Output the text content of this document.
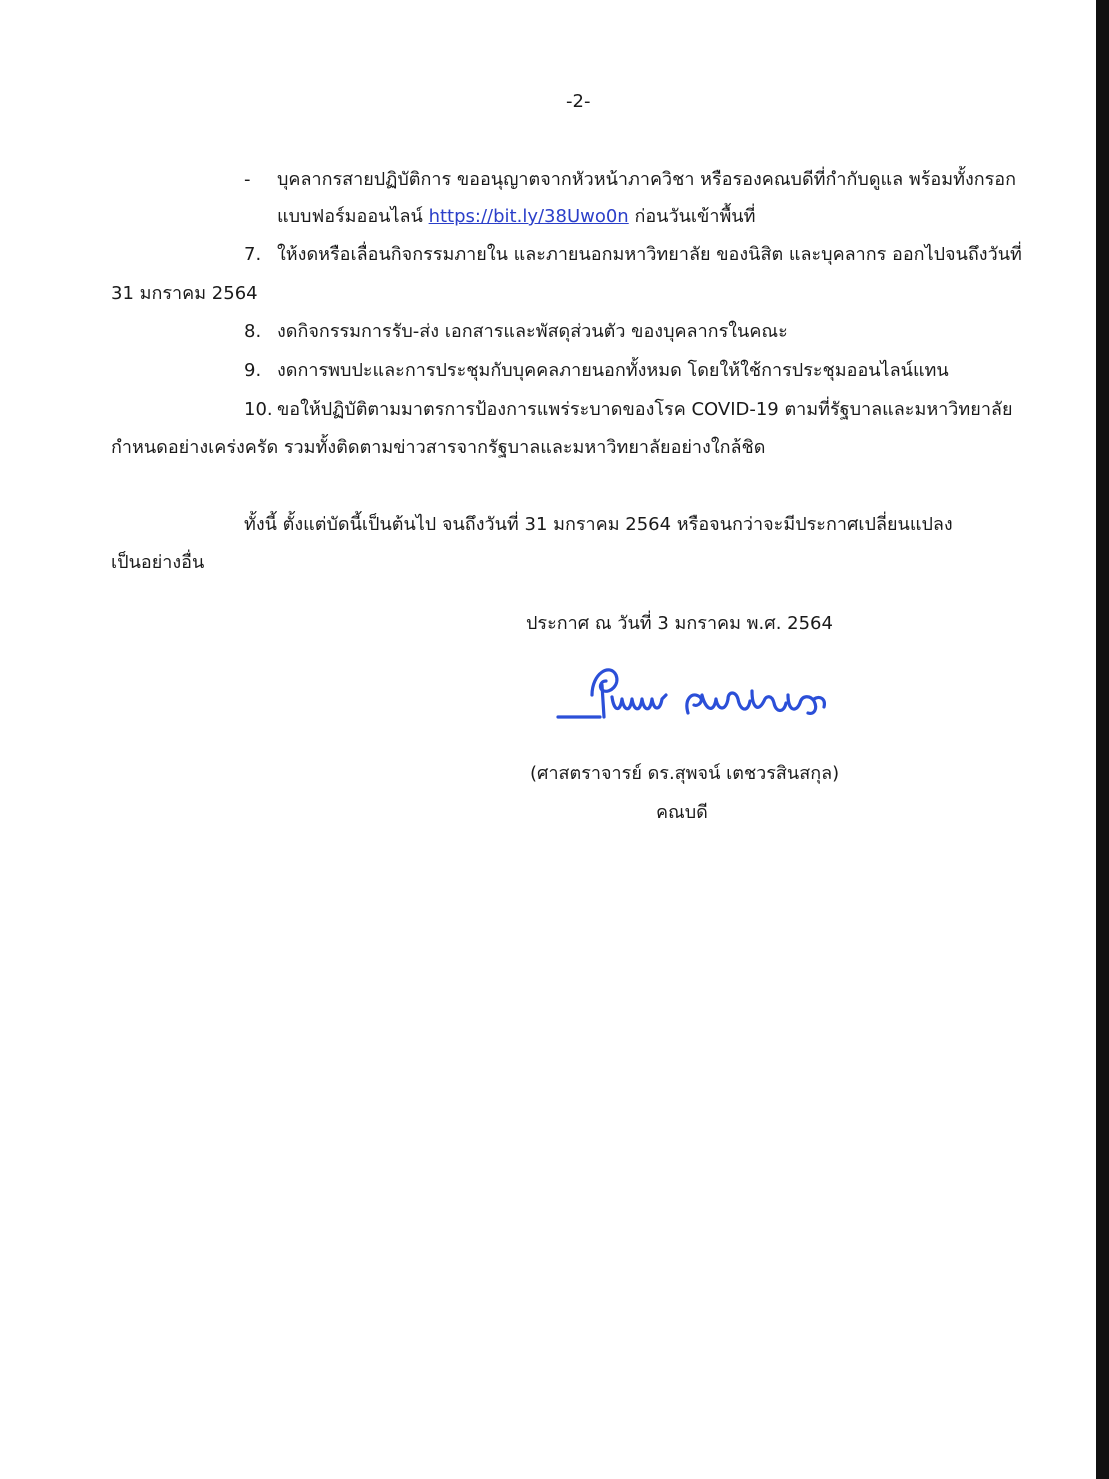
-2-

- บุคลากรสายปฏิบัติการ ขออนุญาตจากหัวหน้าภาควิชา หรือรองคณบดีที่กำกับดูแล พร้อมทั้งกรอก

แบบฟอร์มออนไลน์ https://bit.ly/38Uwo0n ก่อนวันเข้าพื้นที่

7. ให้งดหรือเลื่อนกิจกรรมภายใน และภายนอกมหาวิทยาลัย ของนิสิต และบุคลากร ออกไปจนถึงวันที่

31 มกราคม 2564

8. งดกิจกรรมการรับ-ส่ง เอกสารและพัสดุส่วนตัว ของบุคลากรในคณะ

9. งดการพบปะและการประชุมกับบุคคลภายนอกทั้งหมด โดยให้ใช้การประชุมออนไลน์แทน

10. ขอให้ปฏิบัติตามมาตรการป้องการแพร่ระบาดของโรค COVID-19 ตามที่รัฐบาลและมหาวิทยาลัย

กำหนดอย่างเคร่งครัด รวมทั้งติดตามข่าวสารจากรัฐบาลและมหาวิทยาลัยอย่างใกล้ชิด

ทั้งนี้ ตั้งแต่บัดนี้เป็นต้นไป จนถึงวันที่ 31 มกราคม 2564 หรือจนกว่าจะมีประกาศเปลี่ยนแปลง

เป็นอย่างอื่น

ประกาศ ณ วันที่ 3 มกราคม พ.ศ. 2564

(ศาสตราจารย์ ดร.สุพจน์ เตชวรสินสกุล)

คณบดี
